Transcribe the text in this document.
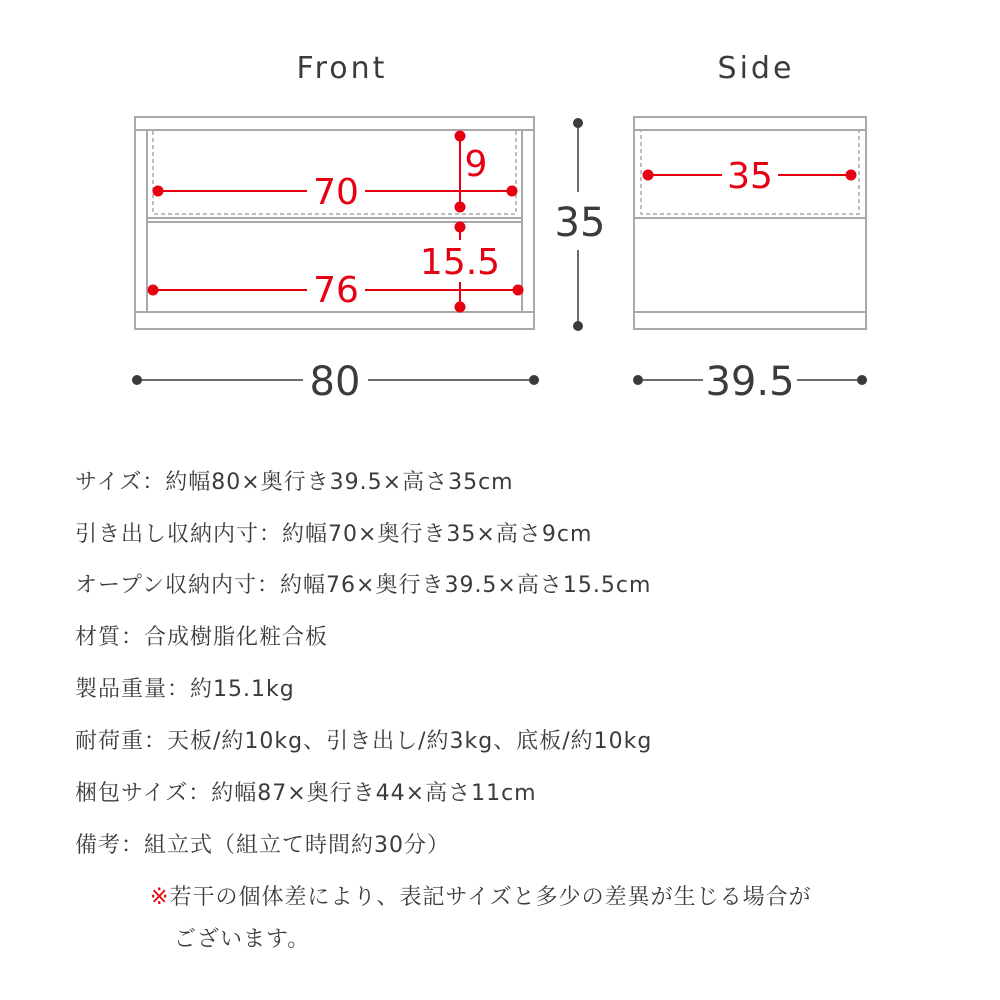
Front	Side
70
9
15.5
76
35
35
80	39.5
サイズ：約幅80×奥行き39.5×高さ35cm
引き出し収納内寸：約幅70×奥行き35×高さ9cm
オープン収納内寸：約幅76×奥行き39.5×高さ15.5cm
材質：合成樹脂化粧合板
製品重量：約15.1kg
耐荷重：天板/約10kg、引き出し/約3kg、底板/約10kg
梱包サイズ：約幅87×奥行き44×高さ11cm
備考：組立式（組立て時間約30分）
※若干の個体差により、表記サイズと多少の差異が生じる場合が
ございます。
